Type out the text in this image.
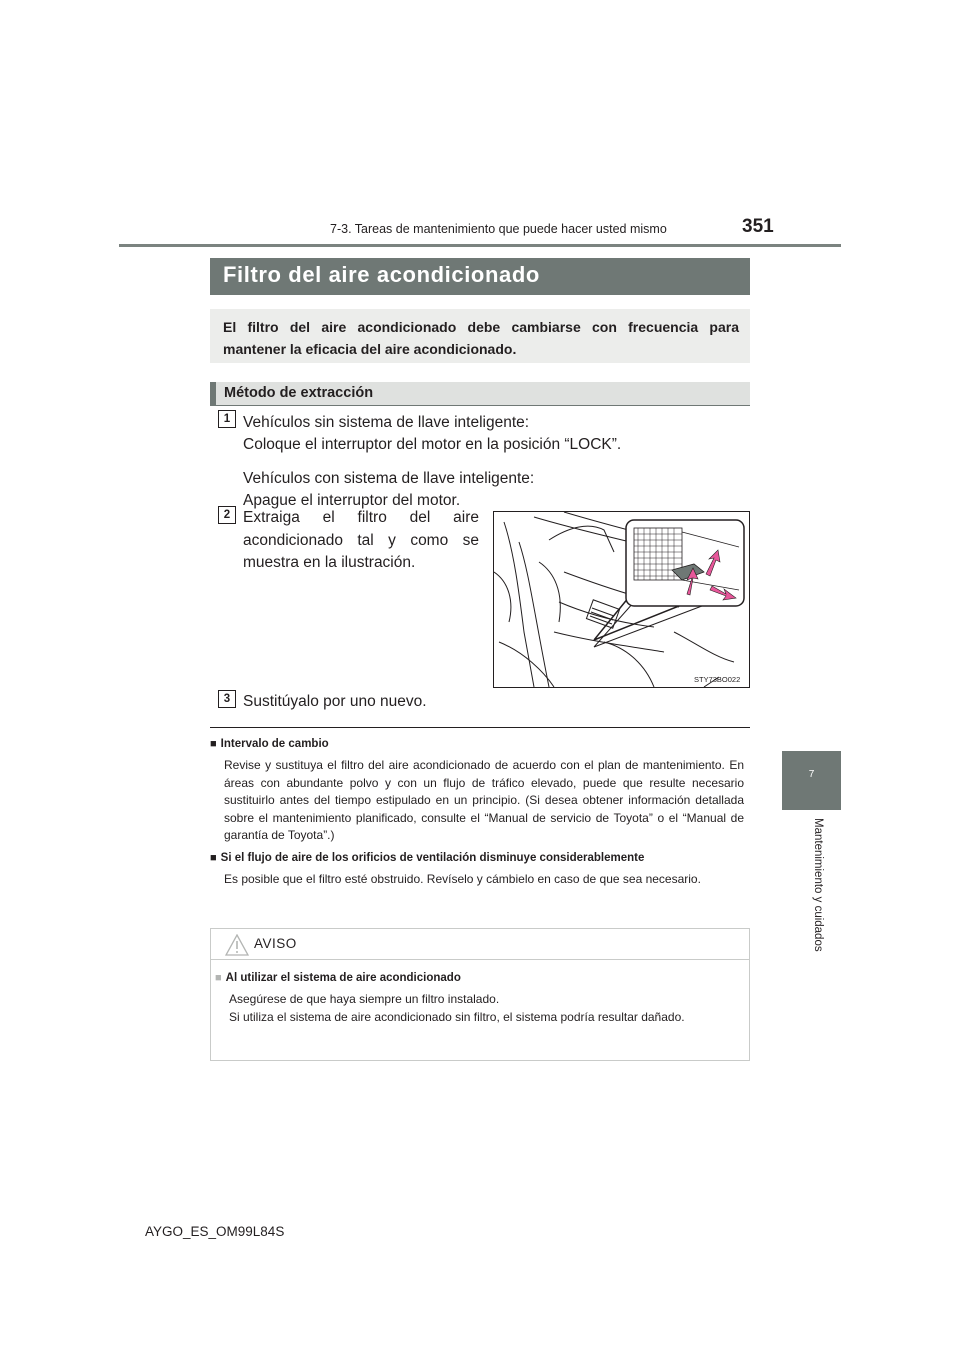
7-3. Tareas de mantenimiento que puede hacer usted mismo	351
7
Mantenimiento y cuidados
Filtro del aire acondicionado
El filtro del aire acondicionado debe cambiarse con frecuencia para mantener la eficacia del aire acondicionado.
Método de extracción
1 Vehículos sin sistema de llave inteligente:
Coloque el interruptor del motor en la posición “LOCK”.
Vehículos con sistema de llave inteligente:
Apague el interruptor del motor.
2 Extraiga el filtro del aire acondicionado tal y como se muestra en la ilustración.
STY73BO022
3 Sustitúyalo por uno nuevo.
■ Intervalo de cambio
Revise y sustituya el filtro del aire acondicionado de acuerdo con el plan de mantenimiento. En áreas con abundante polvo y con un flujo de tráfico elevado, puede que resulte necesario sustituirlo antes del tiempo estipulado en un principio. (Si desea obtener información detallada sobre el mantenimiento planificado, consulte el “Manual de servicio de Toyota” o el “Manual de garantía de Toyota”.)
■ Si el flujo de aire de los orificios de ventilación disminuye considerablemente
Es posible que el filtro esté obstruido. Revíselo y cámbielo en caso de que sea necesario.
AVISO
■ Al utilizar el sistema de aire acondicionado
Asegúrese de que haya siempre un filtro instalado.
Si utiliza el sistema de aire acondicionado sin filtro, el sistema podría resultar dañado.
AYGO_ES_OM99L84S
